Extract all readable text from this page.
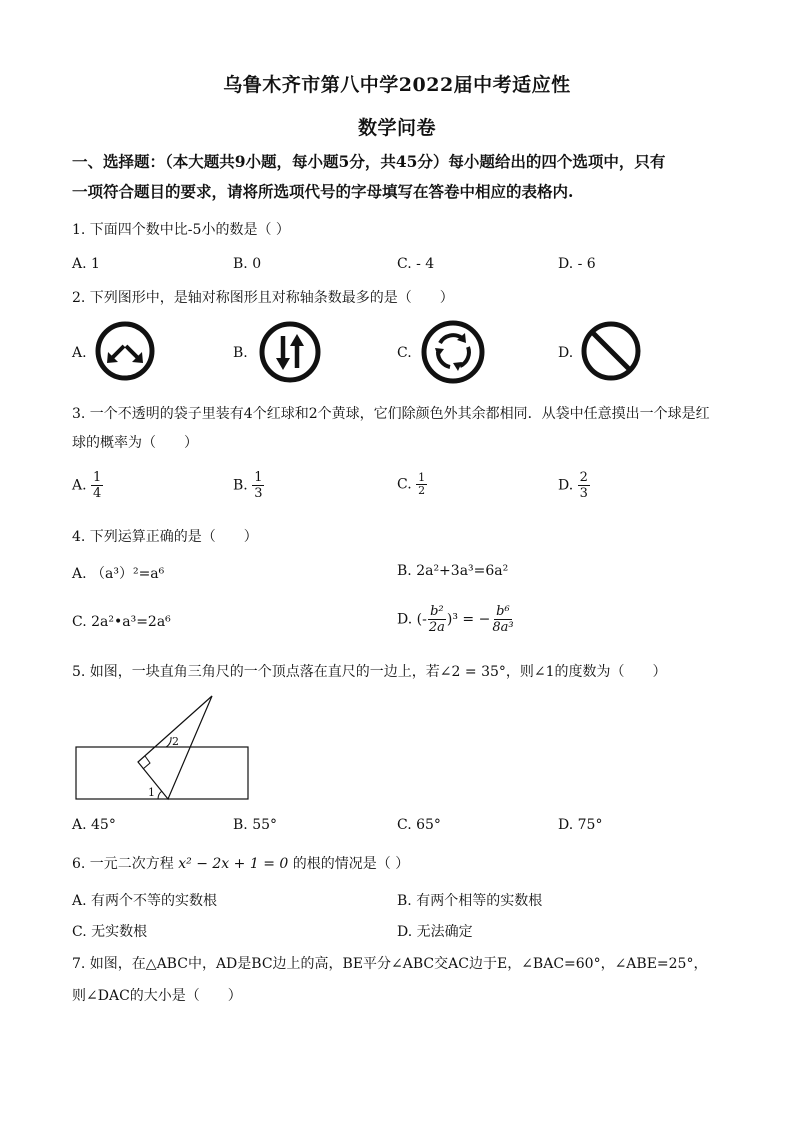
乌鲁木齐市第八中学2022届中考适应性
数学问卷
一、选择题：（本大题共9小题，每小题5分，共45分）每小题给出的四个选项中，只有
一项符合题目的要求，请将所选项代号的字母填写在答卷中相应的表格内.
1. 下面四个数中比-5小的数是（ ）
A. 1	B. 0	C. - 4	D. - 6
2. 下列图形中，是轴对称图形且对称轴条数最多的是（　　）
A.	B.	C.	D.
3. 一个不透明的袋子里装有4个红球和2个黄球，它们除颜色外其余都相同．从袋中任意摸出一个球是红
球的概率为（　　）
A. $\frac{1}{4}$	B. $\frac{1}{3}$	C. $\frac{1}{2}$	D. $\frac{2}{3}$
4. 下列运算正确的是（　　）
A. （a³）²=a⁶	B. 2a²+3a³=6a²
C. 2a²•a³=2a⁶	D. (- $\frac{\text{b²}}{2a} )^3$ = − $\frac{\text{b⁶}}{\text{8a³}}$
5. 如图，一块直角三角尺的一个顶点落在直尺的一边上，若∠2 = 35°，则∠1的度数为（　　）
2
1
A. 45°	B. 55°	C. 65°	D. 75°
6. 一元二次方程 x² − 2x + 1 = 0 的根的情况是（ ）
A. 有两个不等的实数根	B. 有两个相等的实数根
C. 无实数根	D. 无法确定
7. 如图，在△ABC中，AD是BC边上的高，BE平分∠ABC交AC边于E，∠BAC=60°，∠ABE=25°，
则∠DAC的大小是（　　）
